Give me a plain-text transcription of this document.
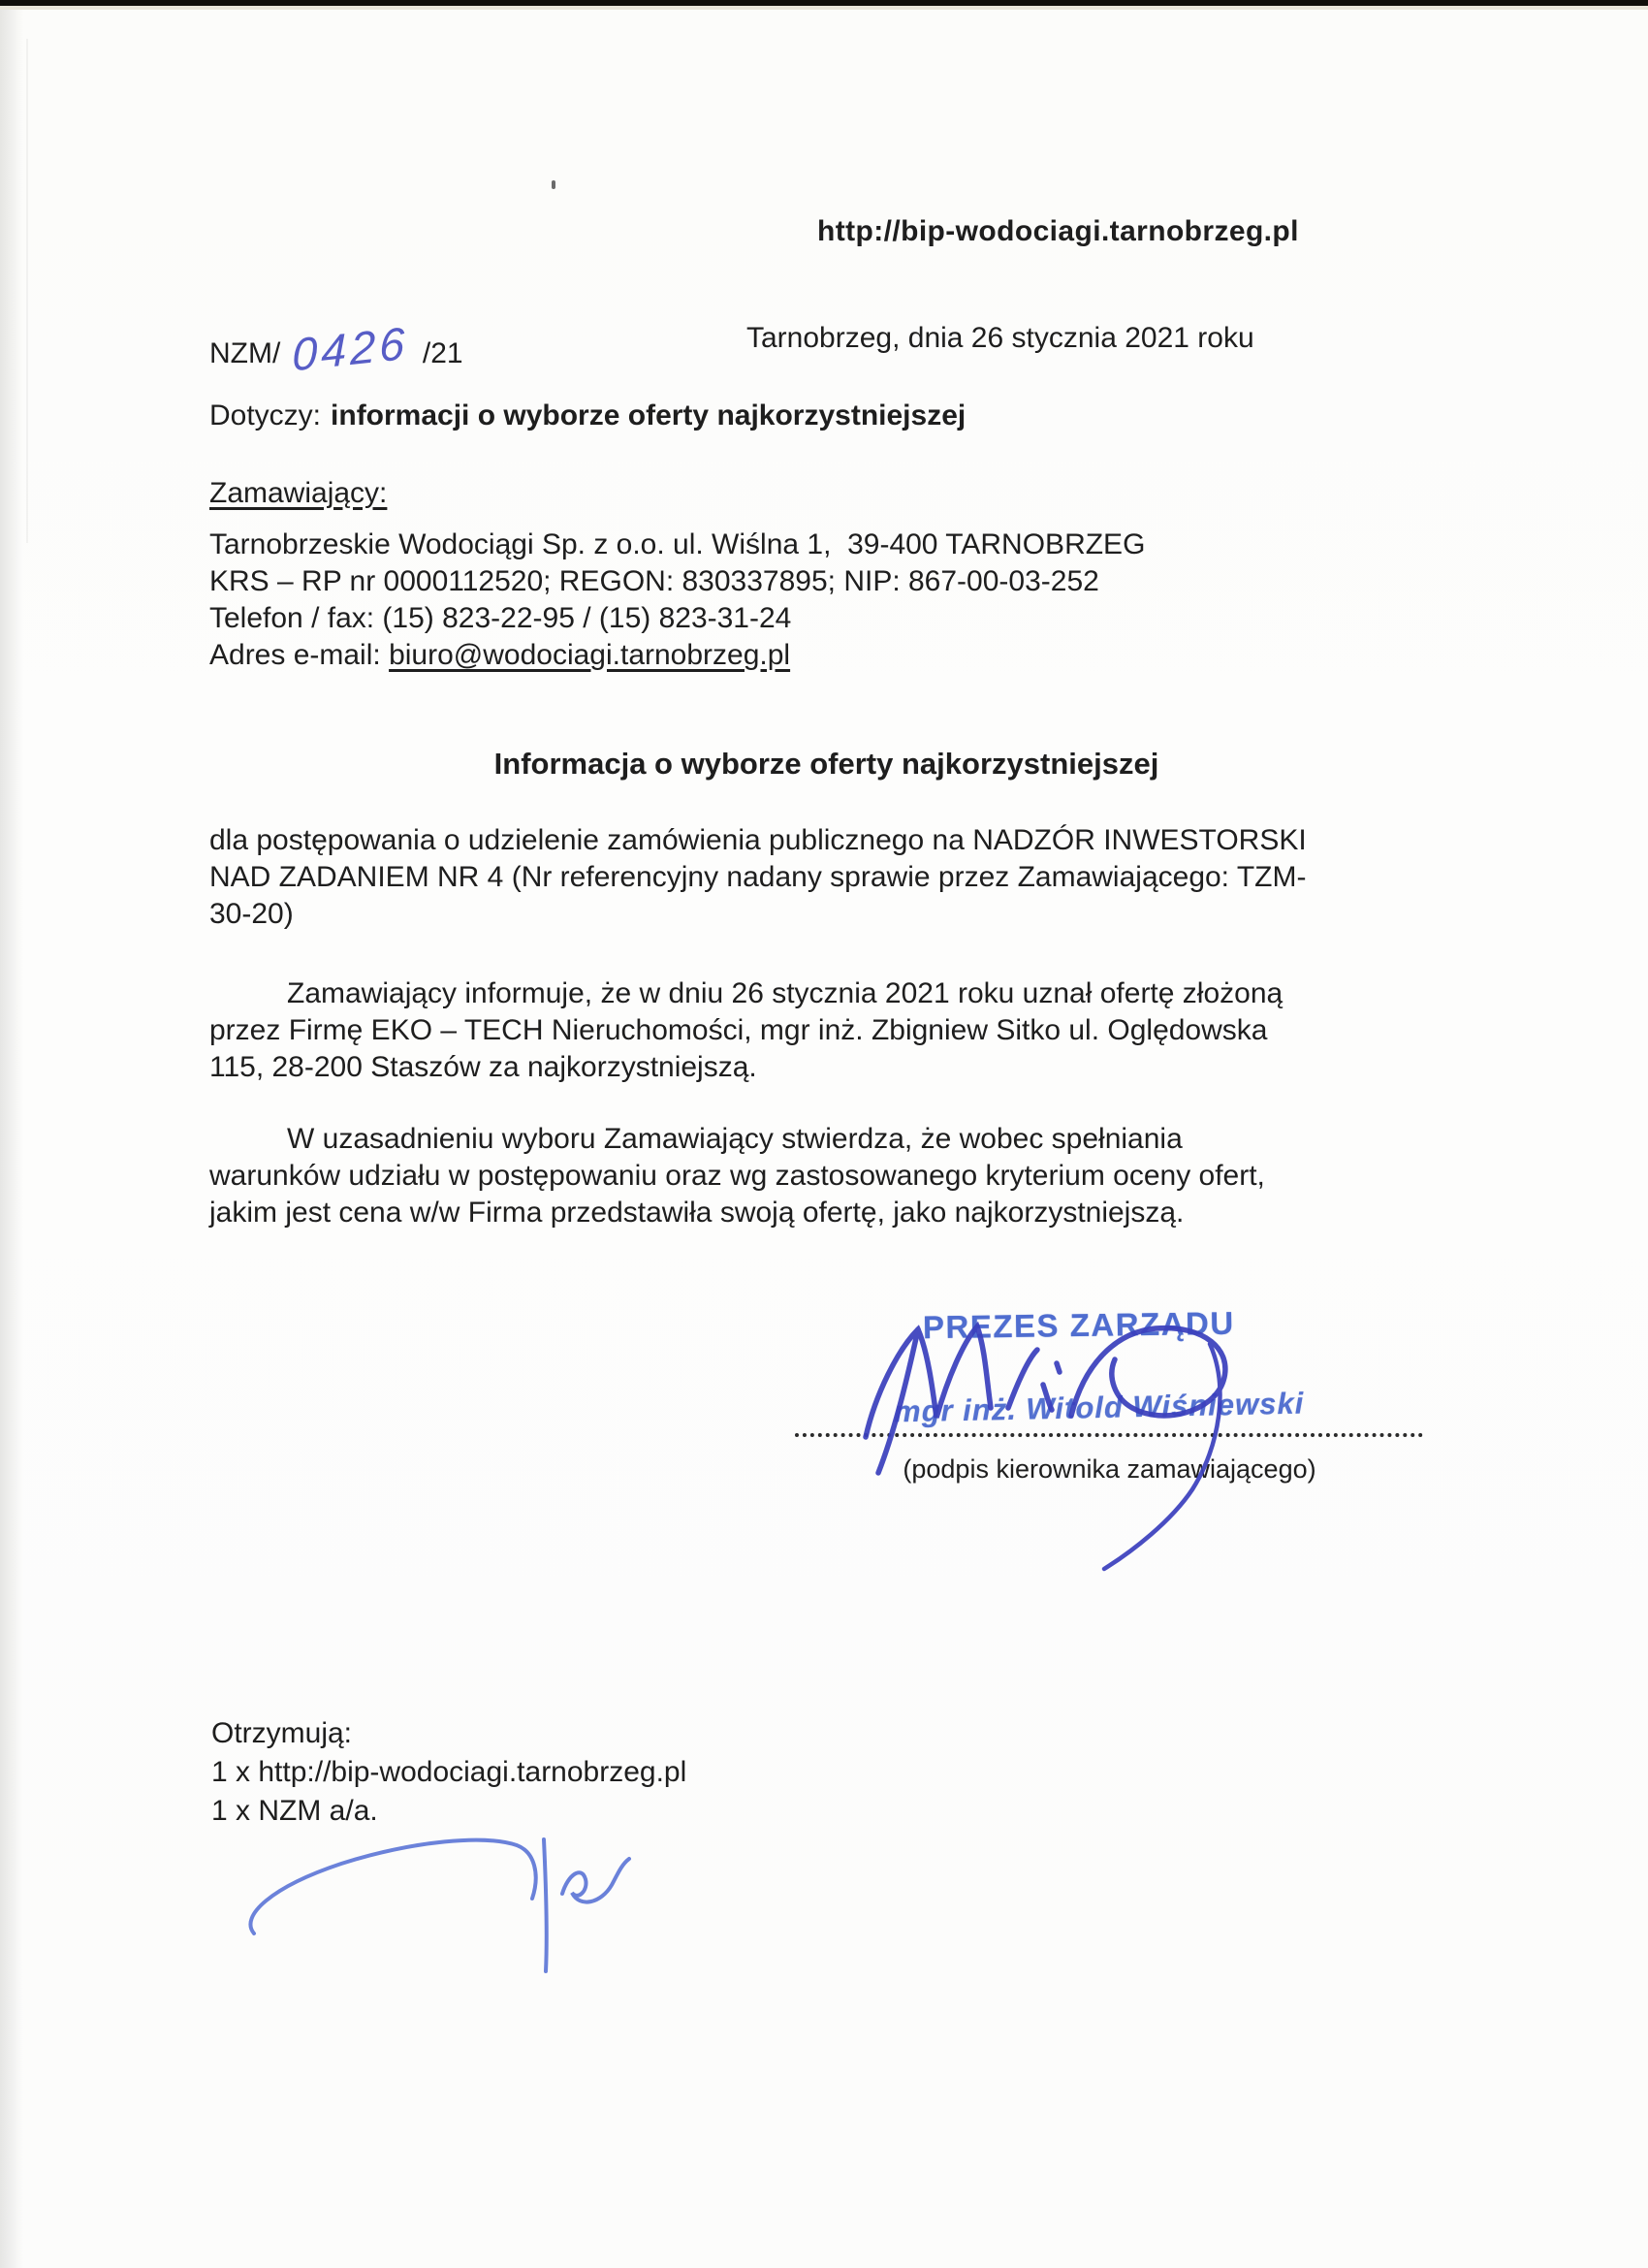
http://bip-wodociagi.tarnobrzeg.pl
NZM/ 0426 /21	Tarnobrzeg, dnia 26 stycznia 2021 roku
Dotyczy: informacji o wyborze oferty najkorzystniejszej
Zamawiający:
Tarnobrzeskie Wodociągi Sp. z o.o. ul. Wiślna 1,  39-400 TARNOBRZEG
KRS – RP nr 0000112520; REGON: 830337895; NIP: 867-00-03-252
Telefon / fax: (15) 823-22-95 / (15) 823-31-24
Adres e-mail: biuro@wodociagi.tarnobrzeg.pl
Informacja o wyborze oferty najkorzystniejszej
dla postępowania o udzielenie zamówienia publicznego na NADZÓR INWESTORSKI
NAD ZADANIEM NR 4 (Nr referencyjny nadany sprawie przez Zamawiającego: TZM-
30-20)
Zamawiający informuje, że w dniu 26 stycznia 2021 roku uznał ofertę złożoną
przez Firmę EKO – TECH Nieruchomości, mgr inż. Zbigniew Sitko ul. Oględowska
115, 28-200 Staszów za najkorzystniejszą.
W uzasadnieniu wyboru Zamawiający stwierdza, że wobec spełniania
warunków udziału w postępowaniu oraz wg zastosowanego kryterium oceny ofert,
jakim jest cena w/w Firma przedstawiła swoją ofertę, jako najkorzystniejszą.
PREZES ZARZĄDU
mgr inż. Witold Wiśniewski
(podpis kierownika zamawiającego)
Otrzymują:
1 x http://bip-wodociagi.tarnobrzeg.pl
1 x NZM a/a.
